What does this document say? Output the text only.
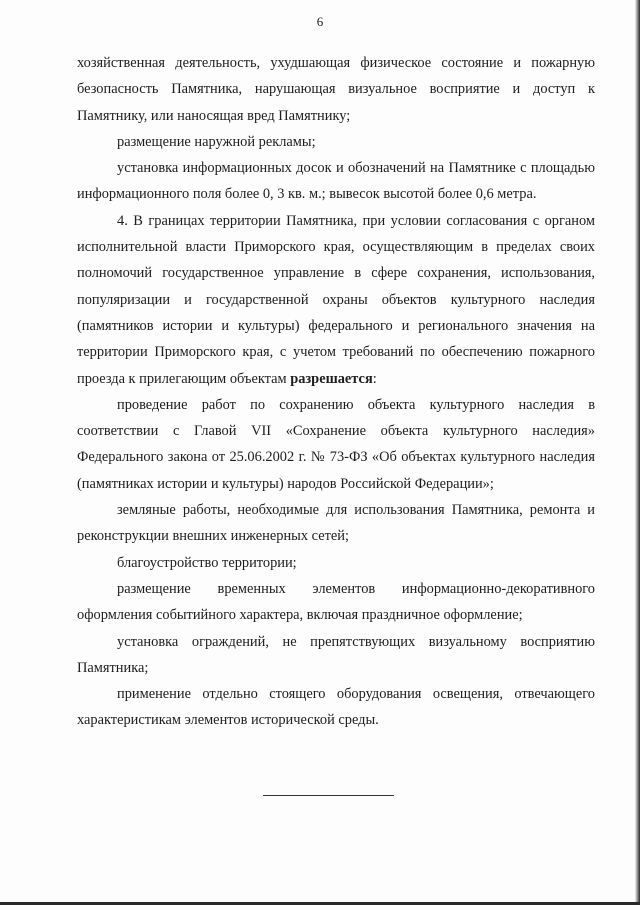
6

хозяйственная деятельность, ухудшающая физическое состояние и пожарную безопасность Памятника, нарушающая визуальное восприятие и доступ к Памятнику, или наносящая вред Памятнику;

размещение наружной рекламы;

установка информационных досок и обозначений на Памятнике с площадью информационного поля более 0, 3 кв. м.; вывесок высотой более 0,6 метра.

4. В границах территории Памятника, при условии согласования с органом исполнительной власти Приморского края, осуществляющим в пределах своих полномочий государственное управление в сфере сохранения, использования, популяризации и государственной охраны объектов культурного наследия (памятников истории и культуры) федерального и регионального значения на территории Приморского края, с учетом требований по обеспечению пожарного проезда к прилегающим объектам разрешается:

проведение работ по сохранению объекта культурного наследия в соответствии с Главой VII «Сохранение объекта культурного наследия» Федерального закона от 25.06.2002 г. № 73-ФЗ «Об объектах культурного наследия (памятниках истории и культуры) народов Российской Федерации»;

земляные работы, необходимые для использования Памятника, ремонта и реконструкции внешних инженерных сетей;

благоустройство территории;

размещение временных элементов информационно-декоративного оформления событийного характера, включая праздничное оформление;

установка ограждений, не препятствующих визуальному восприятию Памятника;

применение отдельно стоящего оборудования освещения, отвечающего характеристикам элементов исторической среды.
